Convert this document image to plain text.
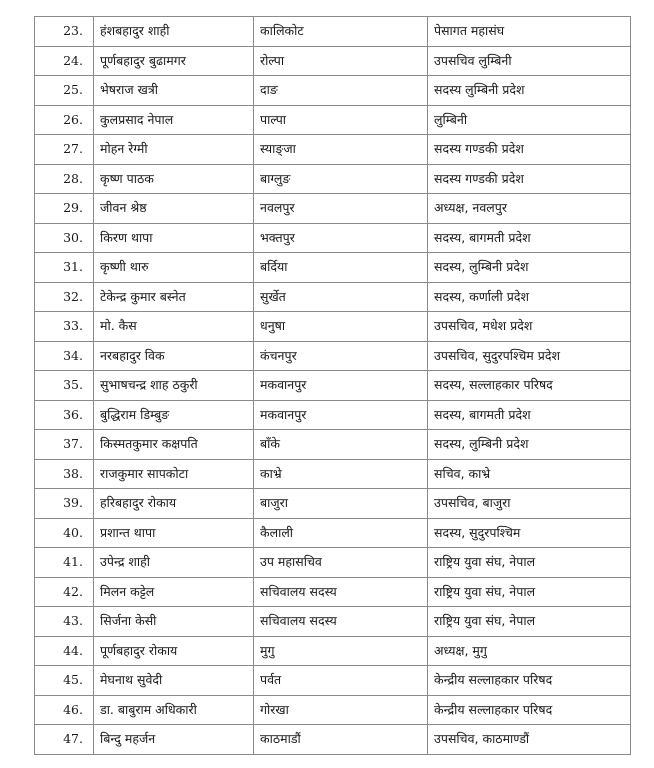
23.	हंशबहादुर शाही	कालिकोट	पेसागत महासंघ
24.	पूर्णबहादुर बुढामगर	रोल्पा	उपसचिव लुम्बिनी
25.	भेषराज खत्री	दाङ	सदस्य लुम्बिनी प्रदेश
26.	कुलप्रसाद नेपाल	पाल्पा	लुम्बिनी
27.	मोहन रेग्मी	स्याङ्जा	सदस्य गण्डकी प्रदेश
28.	कृष्ण पाठक	बाग्लुङ	सदस्य गण्डकी प्रदेश
29.	जीवन श्रेष्ठ	नवलपुर	अध्यक्ष, नवलपुर
30.	किरण थापा	भक्तपुर	सदस्य, बागमती प्रदेश
31.	कृष्णी थारु	बर्दिया	सदस्य, लुम्बिनी प्रदेश
32.	टेकेन्द्र कुमार बस्नेत	सुर्खेत	सदस्य, कर्णाली प्रदेश
33.	मो. कैस	धनुषा	उपसचिव, मधेश प्रदेश
34.	नरबहादुर विक	कंचनपुर	उपसचिव, सुदुरपश्चिम प्रदेश
35.	सुभाषचन्द्र शाह ठकुरी	मकवानपुर	सदस्य, सल्लाहकार परिषद
36.	बुद्धिराम डिम्बुङ	मकवानपुर	सदस्य, बागमती प्रदेश
37.	किस्मतकुमार कक्षपति	बाँके	सदस्य, लुम्बिनी प्रदेश
38.	राजकुमार सापकोटा	काभ्रे	सचिव, काभ्रे
39.	हरिबहादुर रोकाय	बाजुरा	उपसचिव, बाजुरा
40.	प्रशान्त थापा	कैलाली	सदस्य, सुदुरपश्चिम
41.	उपेन्द्र शाही	उप महासचिव	राष्ट्रिय युवा संघ, नेपाल
42.	मिलन कट्टेल	सचिवालय सदस्य	राष्ट्रिय युवा संघ, नेपाल
43.	सिर्जना केसी	सचिवालय सदस्य	राष्ट्रिय युवा संघ, नेपाल
44.	पूर्णबहादुर रोकाय	मुगु	अध्यक्ष, मुगु
45.	मेघनाथ सुवेदी	पर्वत	केन्द्रीय सल्लाहकार परिषद
46.	डा. बाबुराम अधिकारी	गोरखा	केन्द्रीय सल्लाहकार परिषद
47.	बिन्दु महर्जन	काठमाडौं	उपसचिव, काठमाण्डौं
